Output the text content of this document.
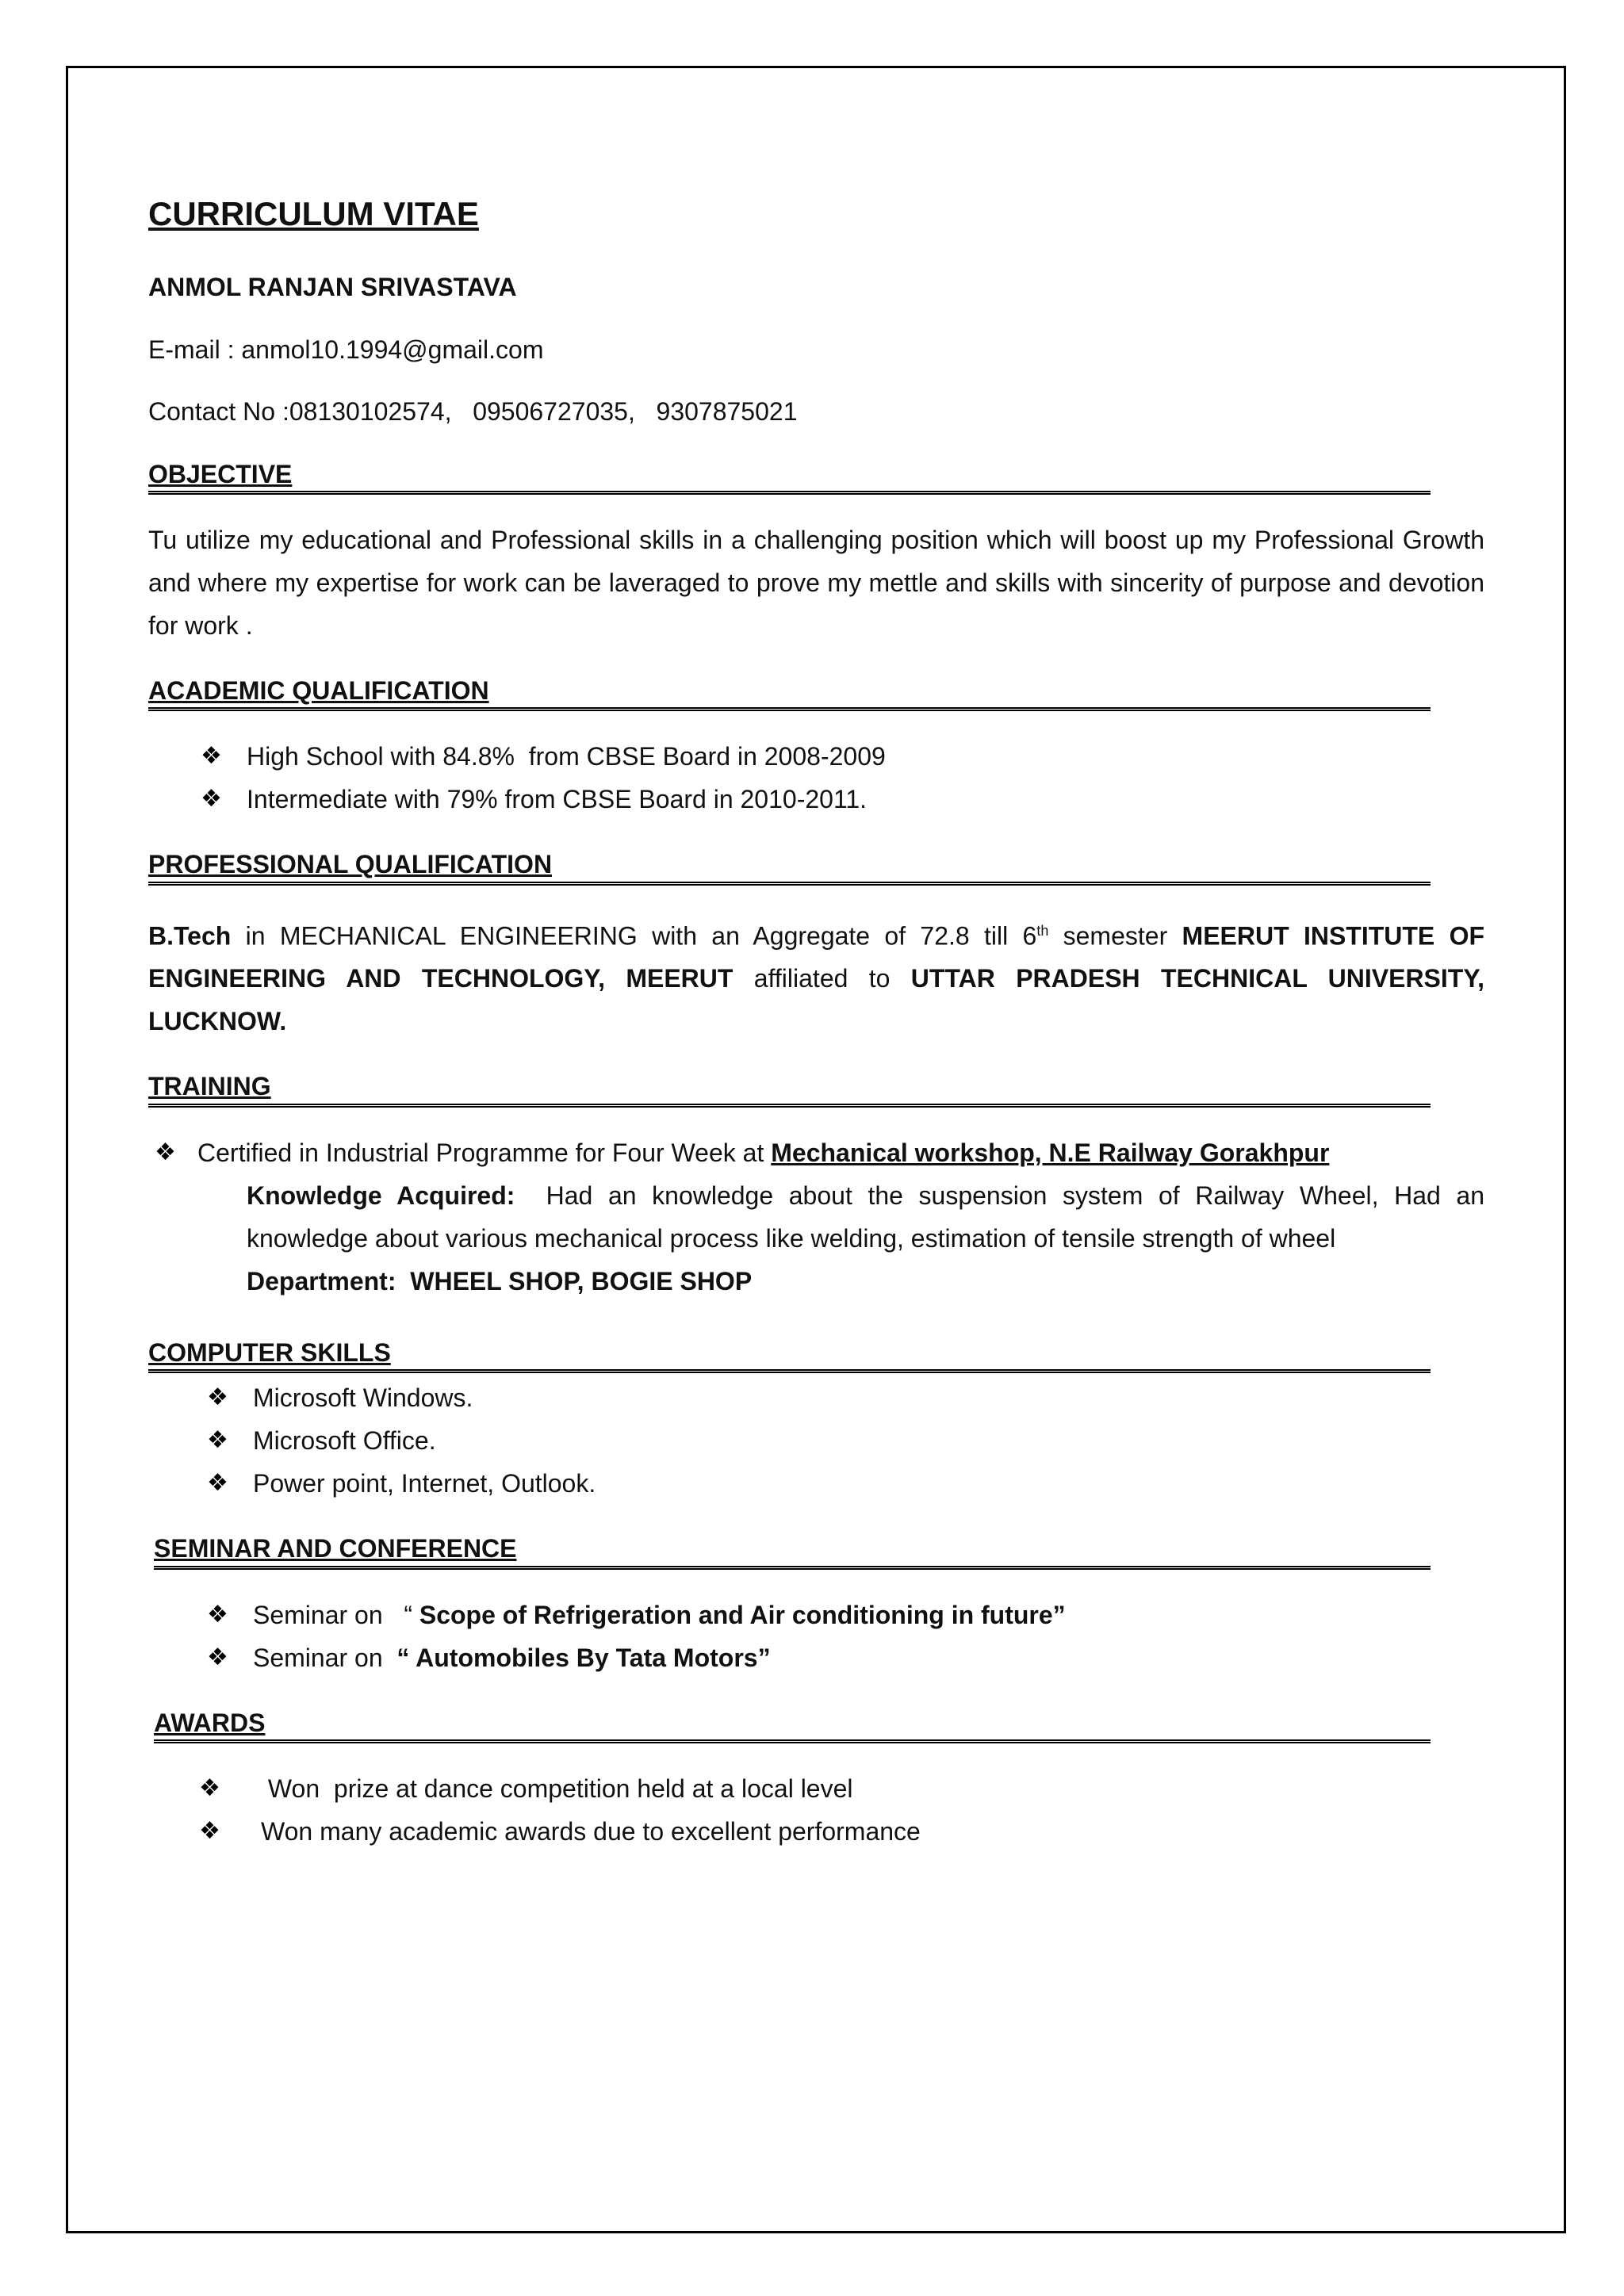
CURRICULUM VITAE
ANMOL RANJAN SRIVASTAVA
E-mail : anmol10.1994@gmail.com
Contact No :08130102574,   09506727035,   9307875021
OBJECTIVE
Tu utilize my educational and Professional skills in a challenging position which will boost up my Professional Growth and where my expertise for work can be laveraged to prove my mettle and skills with sincerity of purpose and devotion for work .
ACADEMIC QUALIFICATION
❖ High School with 84.8%  from CBSE Board in 2008-2009
❖ Intermediate with 79% from CBSE Board in 2010-2011.
PROFESSIONAL QUALIFICATION
B.Tech in MECHANICAL ENGINEERING with an Aggregate of 72.8 till 6th semester MEERUT INSTITUTE OF ENGINEERING AND TECHNOLOGY, MEERUT affiliated to UTTAR PRADESH TECHNICAL UNIVERSITY, LUCKNOW.
TRAINING
❖ Certified in Industrial Programme for Four Week at Mechanical workshop, N.E Railway Gorakhpur
Knowledge Acquired:  Had an knowledge about the suspension system of Railway Wheel, Had an knowledge about various mechanical process like welding, estimation of tensile strength of wheel
Department:  WHEEL SHOP, BOGIE SHOP
COMPUTER SKILLS
❖ Microsoft Windows.
❖ Microsoft Office.
❖ Power point, Internet, Outlook.
SEMINAR AND CONFERENCE
❖ Seminar on   “ Scope of Refrigeration and Air conditioning in future”
❖ Seminar on  “ Automobiles By Tata Motors”
AWARDS
❖ Won  prize at dance competition held at a local level
❖ Won many academic awards due to excellent performance
